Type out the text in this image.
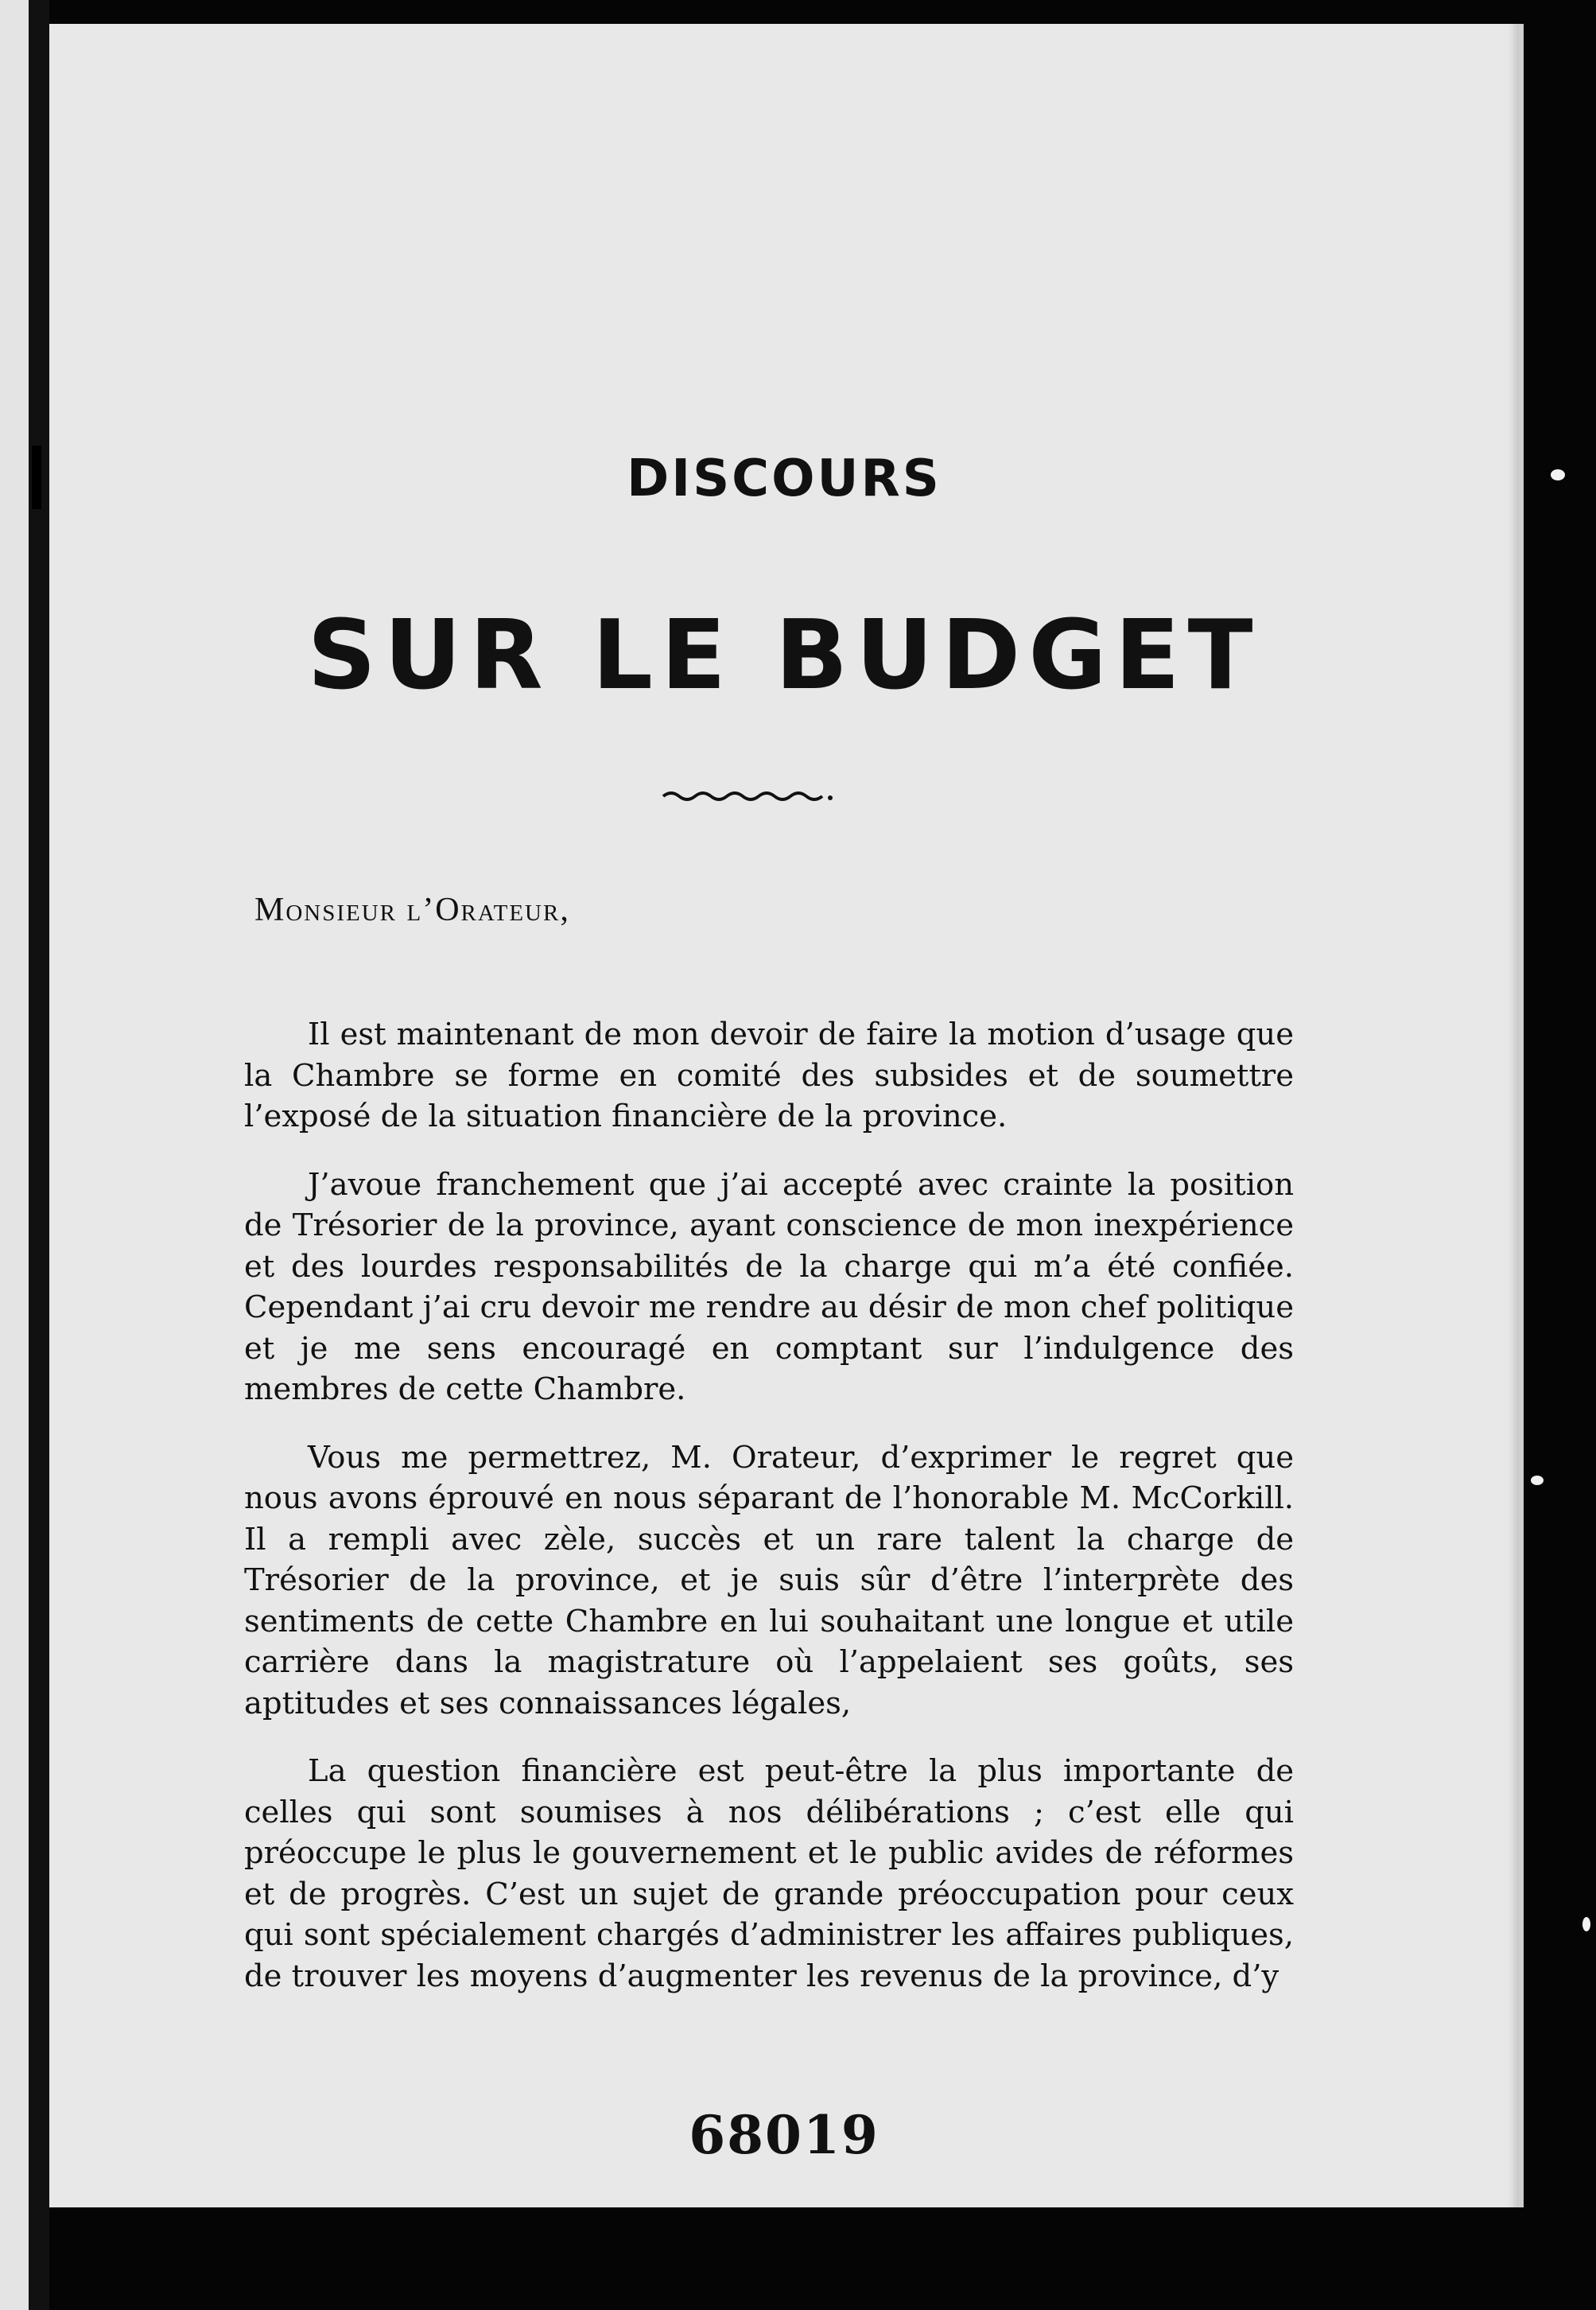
DISCOURS
SUR LE BUDGET

Monsieur l’Orateur,

Il est maintenant de mon devoir de faire la motion d’usage que la Chambre se forme en comité des subsides et de soumettre l’exposé de la situation financière de la province.

J’avoue franchement que j’ai accepté avec crainte la position de Trésorier de la province, ayant conscience de mon inexpérience et des lourdes responsabilités de la charge qui m’a été confiée. Cependant j’ai cru devoir me rendre au désir de mon chef politique et je me sens encouragé en comptant sur l’indulgence des membres de cette Chambre.

Vous me permettrez, M. Orateur, d’exprimer le regret que nous avons éprouvé en nous séparant de l’honorable M. McCorkill. Il a rempli avec zèle, succès et un rare talent la charge de Trésorier de la province, et je suis sûr d’être l’interprète des sentiments de cette Chambre en lui souhaitant une longue et utile carrière dans la magistrature où l’appelaient ses goûts, ses aptitudes et ses connaissances légales,

La question financière est peut-être la plus importante de celles qui sont soumises à nos délibérations ; c’est elle qui préoccupe le plus le gouvernement et le public avides de réformes et de progrès. C’est un sujet de grande préoccupation pour ceux qui sont spécialement chargés d’administrer les affaires publiques, de trouver les moyens d’augmenter les revenus de la province, d’y

68019
